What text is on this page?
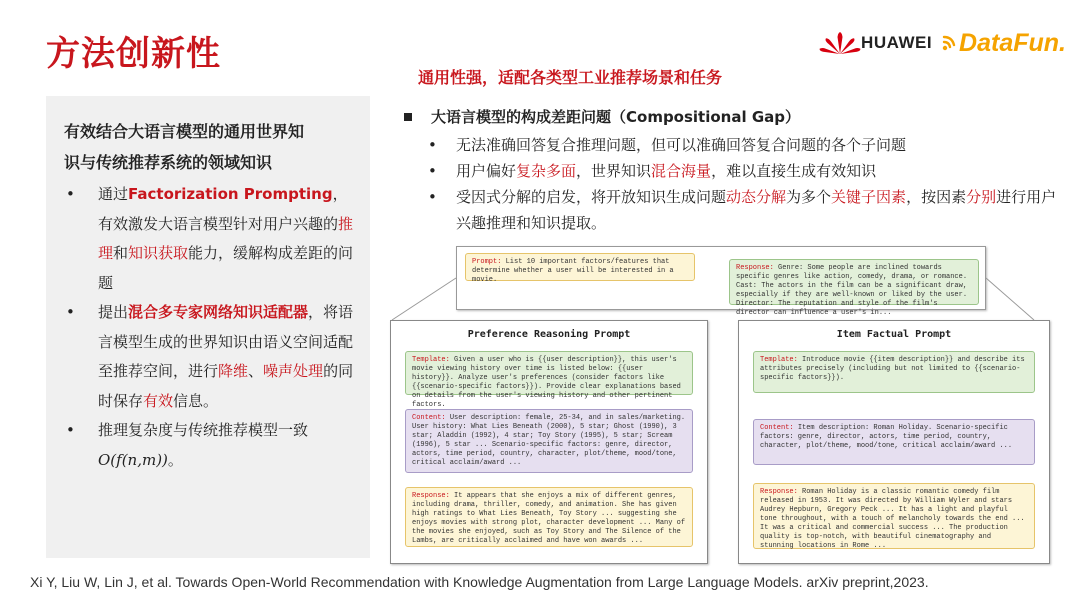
方法创新性	HUAWEI DataFun.
通用性强，适配各类型工业推荐场景和任务
有效结合大语言模型的通用世界知
识与传统推荐系统的领域知识
• 通过Factorization Prompting，有效激发大语言模型针对用户兴趣的推理和知识获取能力，缓解构成差距的问题
• 提出混合多专家网络知识适配器，将语言模型生成的世界知识由语义空间适配至推荐空间，进行降维、噪声处理的同时保存有效信息。
• 推理复杂度与传统推荐模型一致
O(f(n,m))。
大语言模型的构成差距问题（Compositional Gap）
• 无法准确回答复合推理问题，但可以准确回答复合问题的各个子问题
• 用户偏好复杂多面，世界知识混合海量，难以直接生成有效知识
• 受因式分解的启发，将开放知识生成问题动态分解为多个关键子因素，按因素分别进行用户兴趣推理和知识提取。
Prompt: List 10 important factors/features that determine whether a user will be interested in a movie.
Response: Genre: Some people are inclined towards specific genres like action, comedy, drama, or romance. Cast: The actors in the film can be a significant draw, especially if they are well-known or liked by the user. Director: The reputation and style of the film's director can influence a user's in...
Preference Reasoning Prompt
Template: Given a user who is {{user description}}, this user's movie viewing history over time is listed below: {{user history}}. Analyze user's preferences (consider factors like {{scenario-specific factors}}). Provide clear explanations based on details from the user's viewing history and other pertinent factors.
Content: User description: female, 25-34, and in sales/marketing. User history: What Lies Beneath (2000), 5 star; Ghost (1990), 3 star; Aladdin (1992), 4 star; Toy Story (1995), 5 star; Scream (1996), 5 star ... Scenario-specific factors: genre, director, actors, time period, country, character, plot/theme, mood/tone, critical acclaim/award ...
Response: It appears that she enjoys a mix of different genres, including drama, thriller, comedy, and animation. She has given high ratings to What Lies Beneath, Toy Story ... suggesting she enjoys movies with strong plot, character development ... Many of the movies she enjoyed, such as Toy Story and The Silence of the Lambs, are critically acclaimed and have won awards ...
Item Factual Prompt
Template: Introduce movie {{item description}} and describe its attributes precisely (including but not limited to {{scenario-specific factors}}).
Content: Item description: Roman Holiday. Scenario-specific factors: genre, director, actors, time period, country, character, plot/theme, mood/tone, critical acclaim/award ...
Response: Roman Holiday is a classic romantic comedy film released in 1953. It was directed by William Wyler and stars Audrey Hepburn, Gregory Peck ... It has a light and playful tone throughout, with a touch of melancholy towards the end ... It was a critical and commercial success ... The production quality is top-notch, with beautiful cinematography and stunning locations in Rome ...
Xi Y, Liu W, Lin J, et al. Towards Open-World Recommendation with Knowledge Augmentation from Large Language Models. arXiv preprint,2023.
